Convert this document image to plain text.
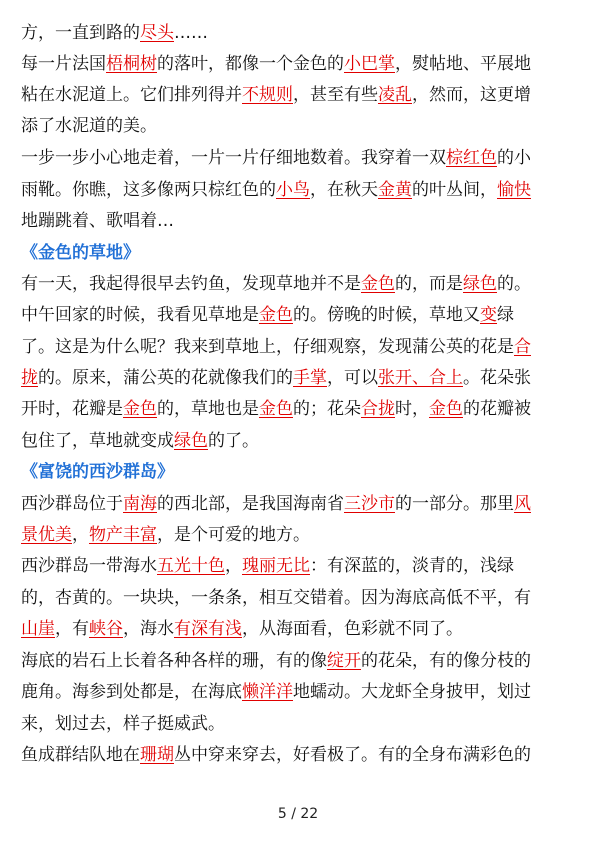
方，一直到路的尽头……
每一片法国梧桐树的落叶，都像一个金色的小巴掌，熨帖地、平展地
粘在水泥道上。它们排列得并不规则，甚至有些凌乱，然而，这更增
添了水泥道的美。
一步一步小心地走着，一片一片仔细地数着。我穿着一双棕红色的小
雨靴。你瞧，这多像两只棕红色的小鸟，在秋天金黄的叶丛间，愉快
地蹦跳着、歌唱着…
《金色的草地》
有一天，我起得很早去钓鱼，发现草地并不是金色的，而是绿色的。
中午回家的时候，我看见草地是金色的。傍晚的时候，草地又变绿
了。这是为什么呢？我来到草地上，仔细观察，发现蒲公英的花是合
拢的。原来，蒲公英的花就像我们的手掌，可以张开、合上。花朵张
开时，花瓣是金色的，草地也是金色的；花朵合拢时，金色的花瓣被
包住了，草地就变成绿色的了。
《富饶的西沙群岛》
西沙群岛位于南海的西北部，是我国海南省三沙市的一部分。那里风
景优美，物产丰富，是个可爱的地方。
西沙群岛一带海水五光十色，瑰丽无比：有深蓝的，淡青的，浅绿
的，杏黄的。一块块，一条条，相互交错着。因为海底高低不平，有
山崖，有峡谷，海水有深有浅，从海面看，色彩就不同了。
海底的岩石上长着各种各样的珊，有的像绽开的花朵，有的像分枝的
鹿角。海参到处都是，在海底懒洋洋地蠕动。大龙虾全身披甲，划过
来，划过去，样子挺威武。
鱼成群结队地在珊瑚丛中穿来穿去，好看极了。有的全身布满彩色的
5 / 22
